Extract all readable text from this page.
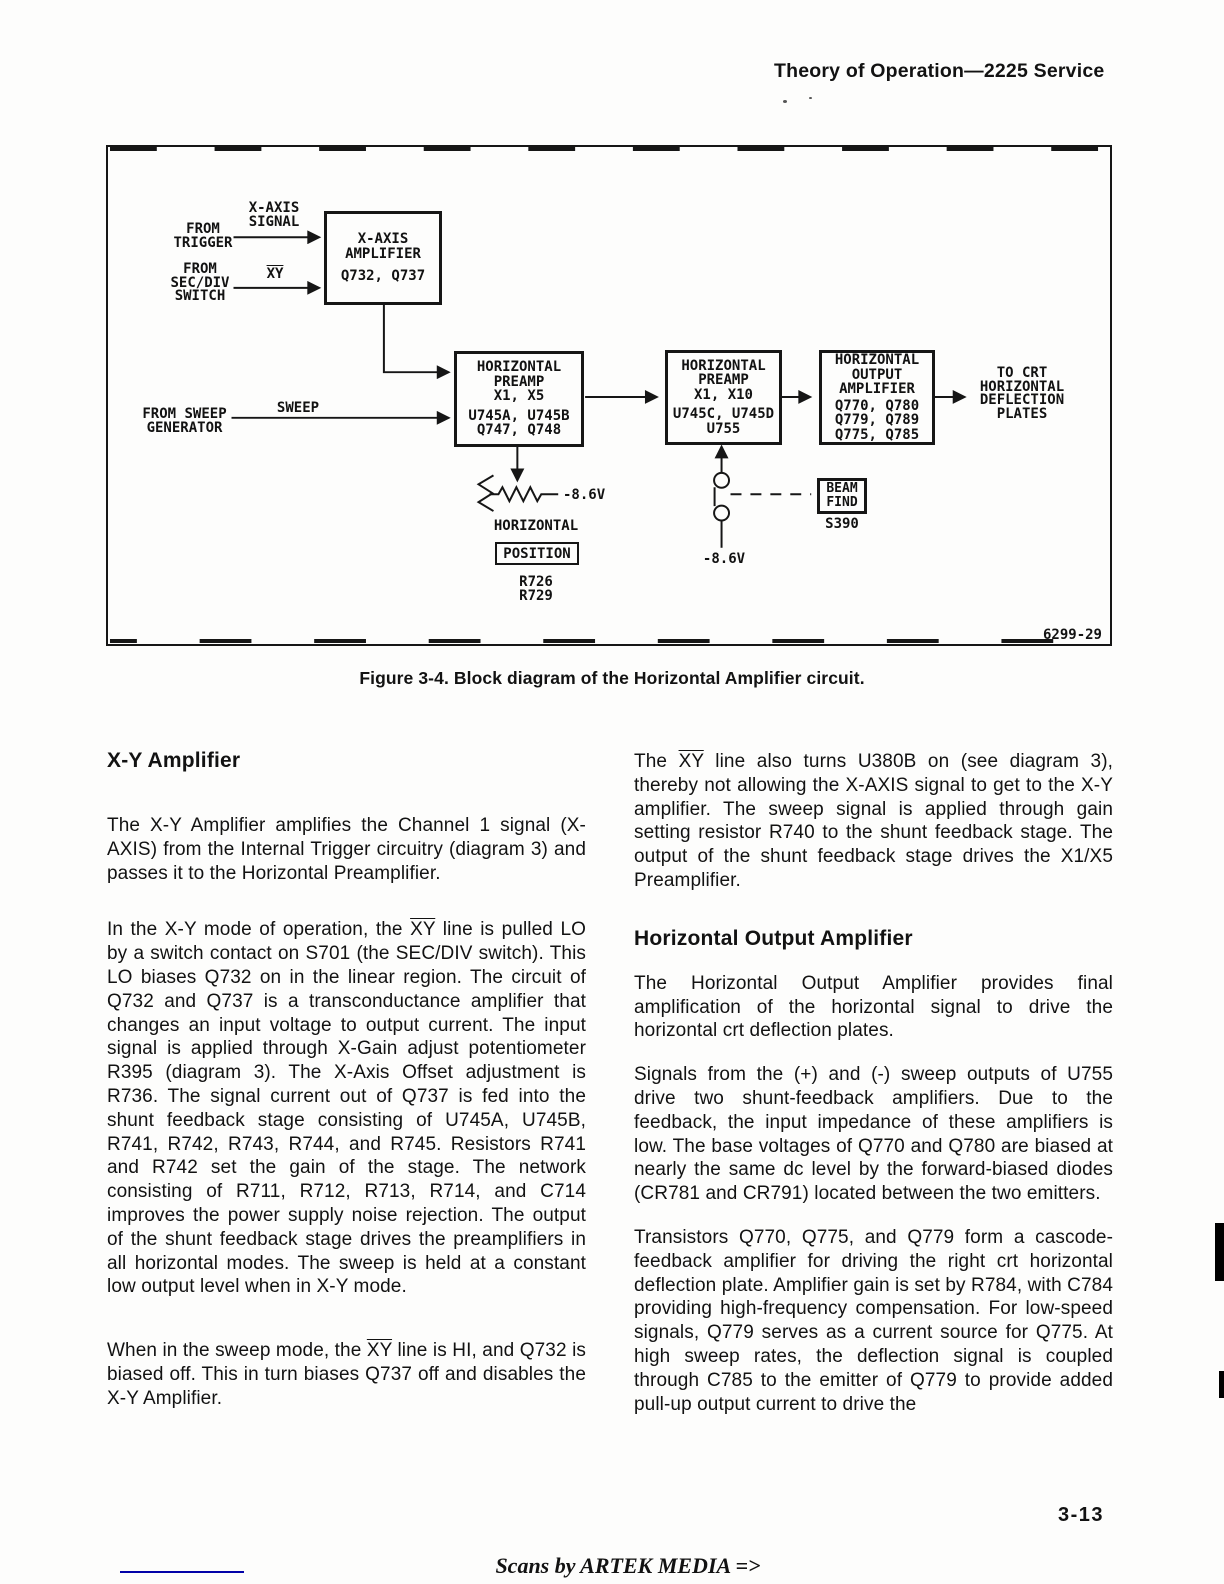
Theory of Operation—2225 Service
X-AXIS
AMPLIFIER
Q732, Q737
HORIZONTAL
PREAMP
X1, X5
U745A, U745B
Q747, Q748
HORIZONTAL
PREAMP
X1, X10
U745C, U745D
U755
HORIZONTAL
OUTPUT
AMPLIFIER
Q770, Q780
Q779, Q789
Q775, Q785
FROM
TRIGGER
X-AXIS
SIGNAL
FROM
SEC/DIV
SWITCH
$\overline{XY}$
FROM SWEEP
GENERATOR
SWEEP
TO CRT
HORIZONTAL
DEFLECTION
PLATES
-8.6V
HORIZONTAL
POSITION
R726
R729
BEAM
FIND
S390
-8.6V
6299-29
Figure 3-4. Block diagram of the Horizontal Amplifier circuit.
X-Y Amplifier

The X-Y Amplifier amplifies the Channel 1 signal (X-AXIS) from the Internal Trigger circuitry (diagram 3) and passes it to the Horizontal Preamplifier.

In the X-Y mode of operation, the $\overline{XY}$ line is pulled LO by a switch contact on S701 (the SEC/DIV switch). This LO biases Q732 on in the linear region. The circuit of Q732 and Q737 is a transconductance amplifier that changes an input voltage to output current. The input signal is applied through X-Gain adjust potentiometer R395 (diagram 3). The X-Axis Offset adjustment is R736. The signal current out of Q737 is fed into the shunt feedback stage consisting of U745A, U745B, R741, R742, R743, R744, and R745. Resistors R741 and R742 set the gain of the stage. The network consisting of R711, R712, R713, R714, and C714 improves the power supply noise rejection. The output of the shunt feedback stage drives the preamplifiers in all horizontal modes. The sweep is held at a constant low output level when in X-Y mode.

When in the sweep mode, the $\overline{XY}$ line is HI, and Q732 is biased off. This in turn biases Q737 off and disables the X-Y Amplifier.

The $\overline{XY}$ line also turns U380B on (see diagram 3), thereby not allowing the X-AXIS signal to get to the X-Y amplifier. The sweep signal is applied through gain setting resistor R740 to the shunt feedback stage. The output of the shunt feedback stage drives the X1/X5 Preamplifier.

Horizontal Output Amplifier

The Horizontal Output Amplifier provides final amplification of the horizontal signal to drive the horizontal crt deflection plates.

Signals from the (+) and (-) sweep outputs of U755 drive two shunt-feedback amplifiers. Due to the feedback, the input impedance of these amplifiers is low. The base voltages of Q770 and Q780 are biased at nearly the same dc level by the forward-biased diodes (CR781 and CR791) located between the two emitters.

Transistors Q770, Q775, and Q779 form a cascode-feedback amplifier for driving the right crt horizontal deflection plate. Amplifier gain is set by R784, with C784 providing high-frequency compensation. For low-speed signals, Q779 serves as a current source for Q775. At high sweep rates, the deflection signal is coupled through C785 to the emitter of Q779 to provide added pull-up output current to drive the

3-13
Scans by ARTEK MEDIA =>
